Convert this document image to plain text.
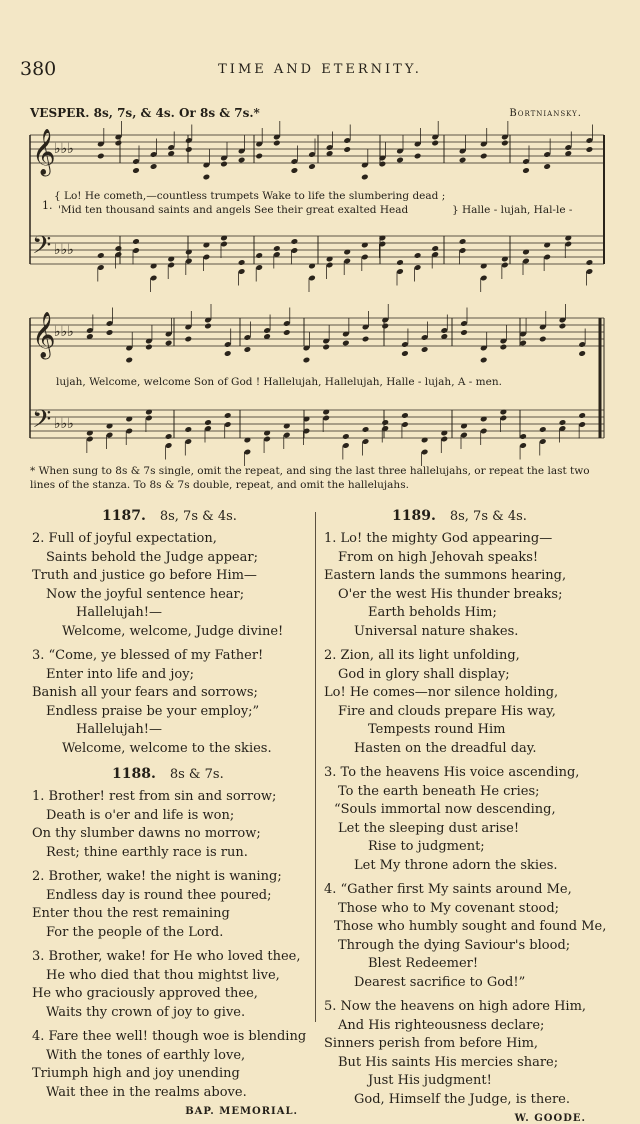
380	TIME AND ETERNITY.
VESPER. 8s, 7s, & 4s. Or 8s & 7s.*	Bortniansky.
𝄞
♭♭♭
𝄢 ♭♭♭
𝄞
♭♭♭
𝄢 ♭♭♭
1.
{ Lo! He cometh,—countless trumpets Wake to life the slumbering dead ;
'Mid ten thousand saints and angels See their great exalted Head	} Halle - lujah, Hal-le -
lujah, Welcome, welcome Son of God ! Hallelujah, Hallelujah, Halle - lujah, A - men.
* When sung to 8s & 7s single, omit the repeat, and sing the last three hallelujahs, or repeat the last two lines of the stanza. To 8s & 7s double, repeat, and omit the hallelujahs.
1187. 8s, 7s & 4s.
2. Full of joyful expectation,
Saints behold the Judge appear;
Truth and justice go before Him—
Now the joyful sentence hear;
Hallelujah!—
Welcome, welcome, Judge divine!
3. “Come, ye blessed of my Father!
Enter into life and joy;
Banish all your fears and sorrows;
Endless praise be your employ;”
Hallelujah!—
Welcome, welcome to the skies.
1188. 8s & 7s.
1. Brother! rest from sin and sorrow;
Death is o'er and life is won;
On thy slumber dawns no morrow;
Rest; thine earthly race is run.
2. Brother, wake! the night is waning;
Endless day is round thee poured;
Enter thou the rest remaining
For the people of the Lord.
3. Brother, wake! for He who loved thee,
He who died that thou mightst live,
He who graciously approved thee,
Waits thy crown of joy to give.
4. Fare thee well! though woe is blending
With the tones of earthly love,
Triumph high and joy unending
Wait thee in the realms above.
BAP. MEMORIAL.
1189. 8s, 7s & 4s.
1. Lo! the mighty God appearing—
From on high Jehovah speaks!
Eastern lands the summons hearing,
O'er the west His thunder breaks;
Earth beholds Him;
Universal nature shakes.
2. Zion, all its light unfolding,
God in glory shall display;
Lo! He comes—nor silence holding,
Fire and clouds prepare His way,
Tempests round Him
Hasten on the dreadful day.
3. To the heavens His voice ascending,
To the earth beneath He cries;
“Souls immortal now descending,
Let the sleeping dust arise!
Rise to judgment;
Let My throne adorn the skies.
4. “Gather first My saints around Me,
Those who to My covenant stood;
Those who humbly sought and found Me,
Through the dying Saviour's blood;
Blest Redeemer!
Dearest sacrifice to God!”
5. Now the heavens on high adore Him,
And His righteousness declare;
Sinners perish from before Him,
But His saints His mercies share;
Just His judgment!
God, Himself the Judge, is there.
W. GOODE.
